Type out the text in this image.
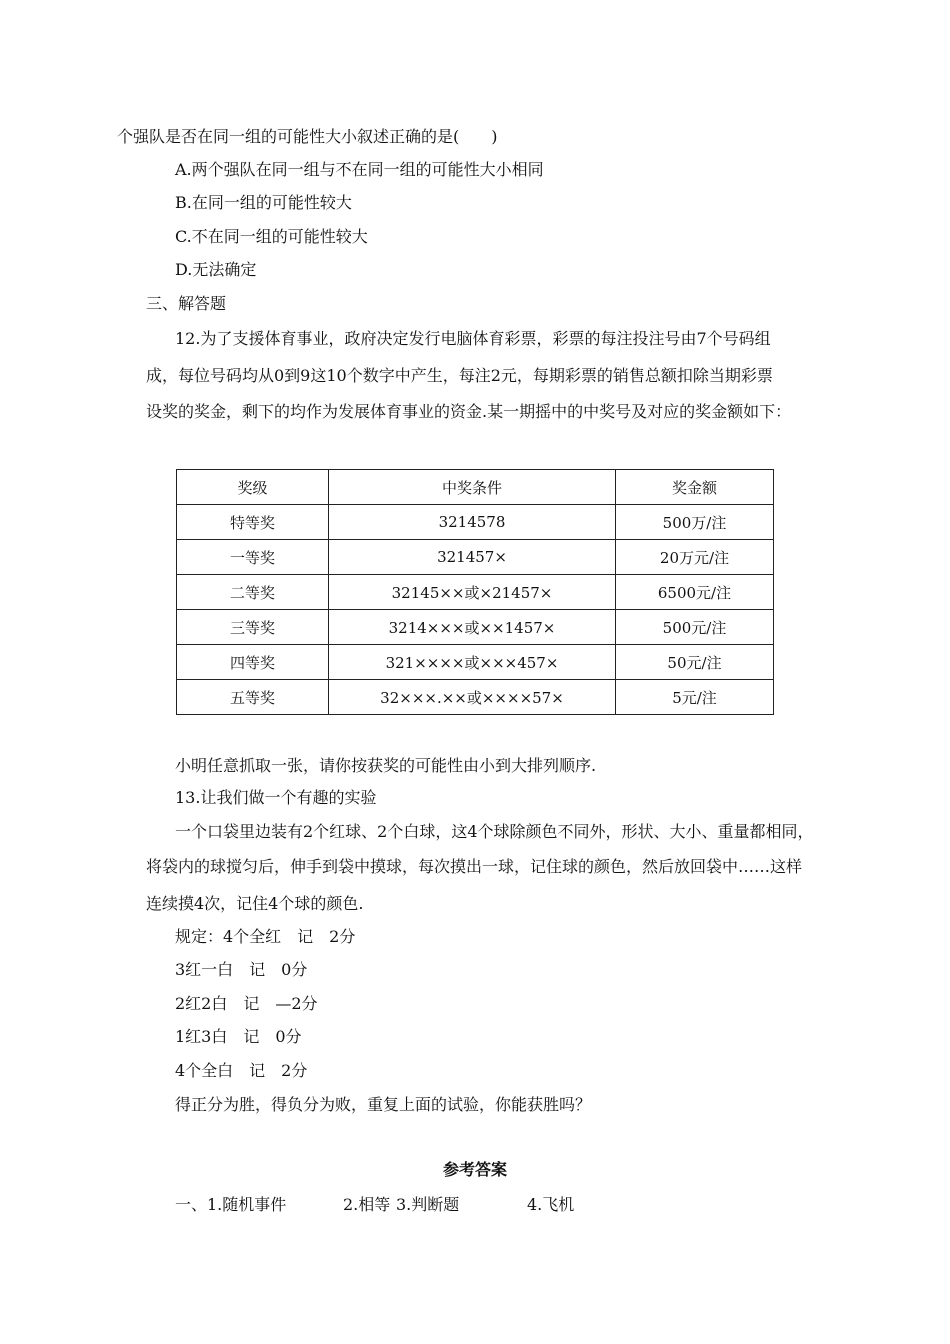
个强队是否在同一组的可能性大小叙述正确的是(　　)
A.两个强队在同一组与不在同一组的可能性大小相同
B.在同一组的可能性较大
C.不在同一组的可能性较大
D.无法确定
三、解答题
12.为了支援体育事业，政府决定发行电脑体育彩票，彩票的每注投注号由7个号码组
成，每位号码均从0到9这10个数字中产生，每注2元，每期彩票的销售总额扣除当期彩票
设奖的奖金，剩下的均作为发展体育事业的资金.某一期摇中的中奖号及对应的奖金额如下：
奖级	中奖条件	奖金额
特等奖	3214578	500万/注
一等奖	321457×	20万元/注
二等奖	32145××或×21457×	6500元/注
三等奖	3214×××或××1457×	500元/注
四等奖	321××××或×××457×	50元/注
五等奖	32×××.××或××××57×	5元/注
小明任意抓取一张，请你按获奖的可能性由小到大排列顺序.
13.让我们做一个有趣的实验
一个口袋里边装有2个红球、2个白球，这4个球除颜色不同外，形状、大小、重量都相同，
将袋内的球搅匀后，伸手到袋中摸球，每次摸出一球，记住球的颜色，然后放回袋中……这样
连续摸4次，记住4个球的颜色.
规定：4个全红　记　2分
3红一白　记　0分
2红2白　记　—2分
1红3白　记　0分
4个全白　记　2分
得正分为胜，得负分为败，重复上面的试验，你能获胜吗？
参考答案
一、1.随机事件	2.相等 3.判断题	4.飞机
